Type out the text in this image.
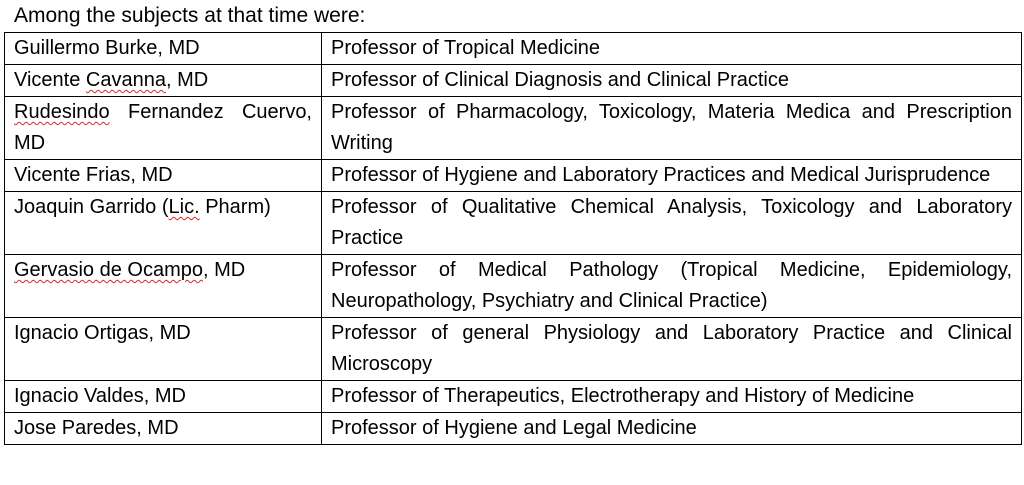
Among the subjects at that time were:
Guillermo Burke, MD	Professor of Tropical Medicine
Vicente Cavanna, MD	Professor of Clinical Diagnosis and Clinical Practice
Rudesindo Fernandez Cuervo, MD	Professor of Pharmacology, Toxicology, Materia Medica and Prescription Writing
Vicente Frias, MD	Professor of Hygiene and Laboratory Practices and Medical Jurisprudence
Joaquin Garrido (Lic. Pharm)	Professor of Qualitative Chemical Analysis, Toxicology and Laboratory Practice
Gervasio de Ocampo, MD	Professor of Medical Pathology (Tropical Medicine, Epidemiology, Neuropathology, Psychiatry and Clinical Practice)
Ignacio Ortigas, MD	Professor of general Physiology and Laboratory Practice and Clinical Microscopy
Ignacio Valdes, MD	Professor of Therapeutics, Electrotherapy and History of Medicine
Jose Paredes, MD	Professor of Hygiene and Legal Medicine
